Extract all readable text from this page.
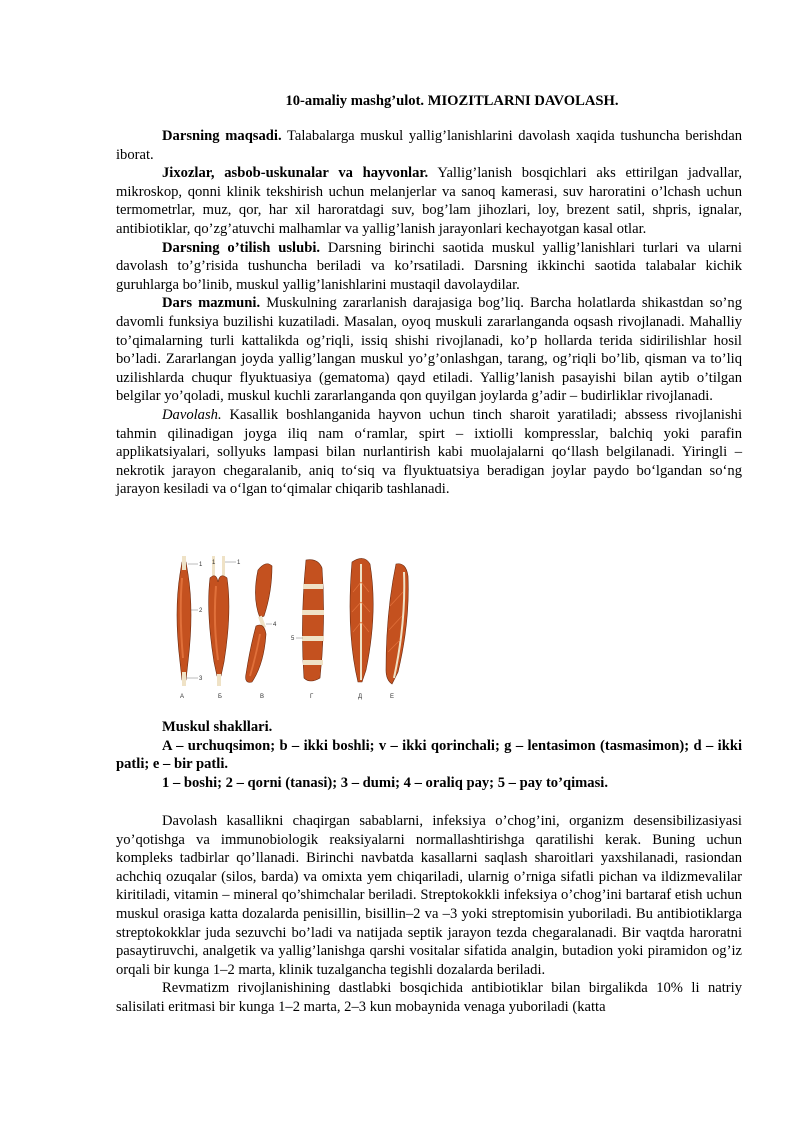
10-amaliy mashg’ulot. MIOZITLARNI DAVOLASH.

Darsning maqsadi. Talabalarga muskul yallig’lanishlarini davolash xaqida tushuncha berishdan iborat.

Jixozlar, asbob-uskunalar va hayvonlar. Yallig’lanish bosqichlari aks ettirilgan jadvallar, mikroskop, qonni klinik tekshirish uchun melanjerlar va sanoq kamerasi, suv haroratini o’lchash uchun termometrlar, muz, qor, har xil haroratdagi suv, bog’lam jihozlari, loy, brezent satil, shpris, ignalar, antibiotiklar, qo’zg’atuvchi malhamlar va yallig’lanish jarayonlari kechayotgan kasal otlar.

Darsning o’tilish uslubi. Darsning birinchi saotida muskul yallig’lanishlari turlari va ularni davolash to’g’risida tushuncha beriladi va ko’rsatiladi. Darsning ikkinchi saotida talabalar kichik guruhlarga bo’linib, muskul yallig’lanishlarini mustaqil davolaydilar.

Dars mazmuni. Muskulning zararlanish darajasiga bog’liq. Barcha holatlarda shikastdan so’ng davomli funksiya buzilishi kuzatiladi. Masalan, oyoq muskuli zararlanganda oqsash rivojlanadi. Mahalliy to’qimalarning turli kattalikda og’riqli, issiq shishi rivojlanadi, ko’p hollarda terida sidirilishlar hosil bo’ladi. Zararlangan joyda yallig’langan muskul yo’g’onlashgan, tarang, og’riqli bo’lib, qisman va to’liq uzilishlarda chuqur flyuktuasiya (gematoma) qayd etiladi. Yallig’lanish pasayishi bilan aytib o’tilgan belgilar yo’qoladi, muskul kuchli zararlanganda qon quyilgan joylarda g’adir – budirliklar rivojlanadi.

Davolash. Kasallik boshlanganida hayvon uchun tinch sharoit yaratiladi; abssess rivojlanishi tahmin qilinadigan joyga iliq nam o‘ramlar, spirt – ixtiolli kompresslar, balchiq yoki parafin applikatsiyalari, sollyuks lampasi bilan nurlantirish kabi muolajalarni qo‘llash belgilanadi. Yiringli – nekrotik jarayon chegaralanib, aniq to‘siq va flyuktuatsiya beradigan joylar paydo bo‘lgandan so‘ng jarayon kesiladi va o‘lgan to‘qimalar chiqarib tashlanadi.

1
2
3
1	1
4
5
А	Б	В	Г	Д	Е

Muskul shakllari.

A – urchuqsimon; b – ikki boshli; v – ikki qorinchali; g – lentasimon (tasmasimon); d – ikki patli; e – bir patli.

1 – boshi; 2 – qorni (tanasi); 3 – dumi; 4 – oraliq pay; 5 – pay to’qimasi.

Davolash kasallikni chaqirgan sabablarni, infeksiya o’chog’ini, organizm desensibilizasiyasi yo’qotishga va immunobiologik reaksiyalarni normallashtirishga qaratilishi kerak. Buning uchun kompleks tadbirlar qo’llanadi. Birinchi navbatda kasallarni saqlash sharoitlari yaxshilanadi, rasiondan achchiq ozuqalar (silos, barda) va omixta yem chiqariladi, ularnig o’rniga sifatli pichan va ildizmevalilar kiritiladi, vitamin – mineral qo’shimchalar beriladi. Streptokokkli infeksiya o’chog’ini bartaraf etish uchun muskul orasiga katta dozalarda penisillin, bisillin–2 va –3 yoki streptomisin yuboriladi. Bu antibiotiklarga streptokokklar juda sezuvchi bo’ladi va natijada septik jarayon tezda chegaralanadi. Bir vaqtda haroratni pasaytiruvchi, analgetik va yallig’lanishga qarshi vositalar sifatida analgin, butadion yoki piramidon og’iz orqali bir kunga 1–2 marta, klinik tuzalganchа tegishli dozalarda beriladi.

Revmatizm rivojlanishining dastlabki bosqichida antibiotiklar bilan birgalikda 10% li natriy salisilati eritmasi bir kunga 1–2 marta, 2–3 kun mobaynida venaga yuboriladi (katta
